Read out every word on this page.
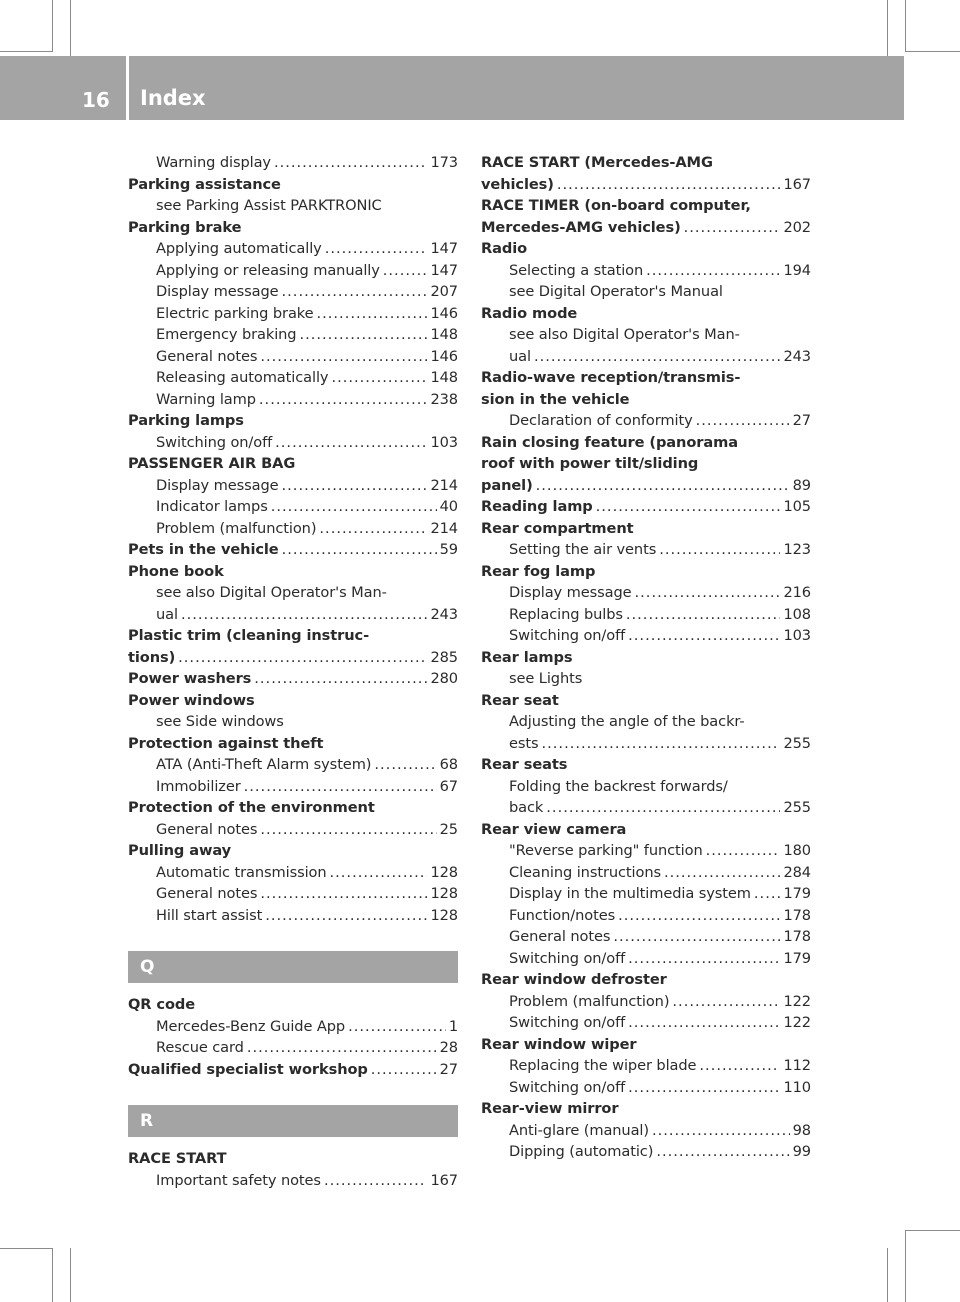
16 Index
Warning display .....	173
Parking assistance
see Parking Assist PARKTRONIC
Parking brake
Applying automatically .....	147
Applying or releasing manually .....	147
Display message .....	207
Electric parking brake .....	146
Emergency braking .....	148
General notes .....	146
Releasing automatically .....	148
Warning lamp .....	238
Parking lamps
Switching on/off .....	103
PASSENGER AIR BAG
Display message .....	214
Indicator lamps .....	40
Problem (malfunction) .....	214
Pets in the vehicle .....	59
Phone book
see also Digital Operator's Man-
ual .....	243
Plastic trim (cleaning instruc-
tions) .....	285
Power washers .....	280
Power windows
see Side windows
Protection against theft
ATA (Anti-Theft Alarm system) .....	68
Immobilizer .....	67
Protection of the environment
General notes .....	25
Pulling away
Automatic transmission .....	128
General notes .....	128
Hill start assist .....	128
Q
QR code
Mercedes-Benz Guide App .....	1
Rescue card .....	28
Qualified specialist workshop .....	27
R
RACE START
Important safety notes .....	167
RACE START (Mercedes-AMG
vehicles) .....	167
RACE TIMER (on-board computer,
Mercedes-AMG vehicles) .....	202
Radio
Selecting a station .....	194
see Digital Operator's Manual
Radio mode
see also Digital Operator's Man-
ual .....	243
Radio-wave reception/transmis-
sion in the vehicle
Declaration of conformity .....	27
Rain closing feature (panorama
roof with power tilt/sliding
panel) .....	89
Reading lamp .....	105
Rear compartment
Setting the air vents .....	123
Rear fog lamp
Display message .....	216
Replacing bulbs .....	108
Switching on/off .....	103
Rear lamps
see Lights
Rear seat
Adjusting the angle of the backr-
ests .....	255
Rear seats
Folding the backrest forwards/
back .....	255
Rear view camera
"Reverse parking" function .....	180
Cleaning instructions .....	284
Display in the multimedia system ..... 179
Function/notes .....	178
General notes .....	178
Switching on/off .....	179
Rear window defroster
Problem (malfunction) .....	122
Switching on/off .....	122
Rear window wiper
Replacing the wiper blade .....	112
Switching on/off .....	110
Rear-view mirror
Anti-glare (manual) .....	98
Dipping (automatic) .....	99
